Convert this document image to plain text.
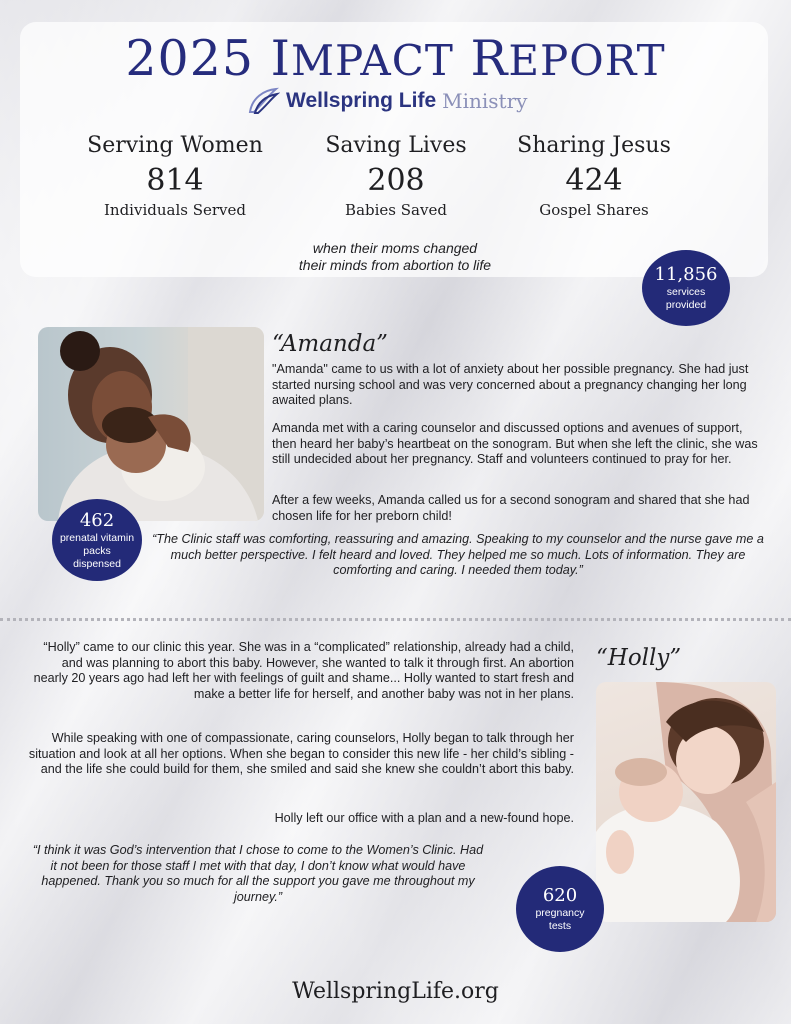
2025 IMPACT REPORT
Wellspring Life Ministry
Serving Women
814
Individuals Served
Saving Lives
208
Babies Saved
Sharing Jesus
424
Gospel Shares
when their moms changed
their minds from abortion to life	11,856
services
provided
462
prenatal vitamin
packs
dispensed
“Amanda”
"Amanda" came to us with a lot of anxiety about her possible pregnancy. She had just started nursing school and was very concerned about a pregnancy changing her long awaited plans.
Amanda met with a caring counselor and discussed options and avenues of support, then heard her baby’s heartbeat on the sonogram. But when she left the clinic, she was still undecided about her pregnancy. Staff and volunteers continued to pray for her.
After a few weeks, Amanda called us for a second sonogram and shared that she had chosen life for her preborn child!
“The Clinic staff was comforting, reassuring and amazing. Speaking to my counselor and the nurse gave me a much better perspective. I felt heard and loved. They helped me so much. Lots of information. They are comforting and caring. I needed them today.”
“Holly” came to our clinic this year. She was in a “complicated” relationship, already had a child, and was planning to abort this baby. However, she wanted to talk it through first. An abortion nearly 20 years ago had left her with feelings of guilt and shame... Holly wanted to start fresh and make a better life for herself, and another baby was not in her plans.
While speaking with one of compassionate, caring counselors, Holly began to talk through her situation and look at all her options. When she began to consider this new life - her child’s sibling - and the life she could build for them, she smiled and said she knew she couldn’t abort this baby.
Holly left our office with a plan and a new-found hope.
“I think it was God’s intervention that I chose to come to the Women’s Clinic. Had it not been for those staff I met with that day, I don’t know what would have happened. Thank you so much for all the support you gave me throughout my journey.”
“Holly”
620
pregnancy
tests
WellspringLife.org
